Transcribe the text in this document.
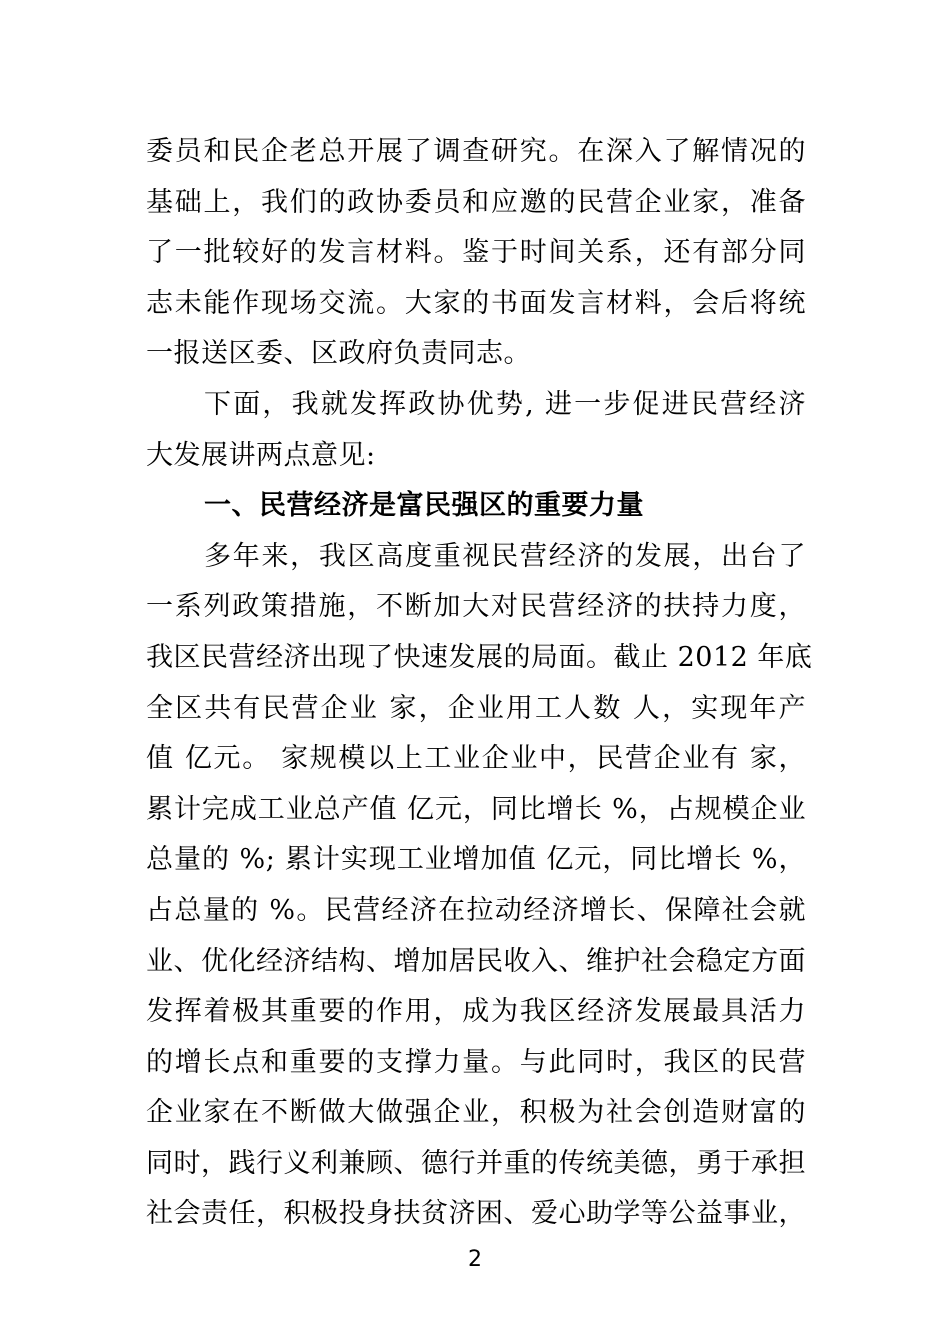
委员和民企老总开展了调查研究。在深入了解情况的
基础上，我们的政协委员和应邀的民营企业家，准备
了一批较好的发言材料。鉴于时间关系，还有部分同
志未能作现场交流。大家的书面发言材料，会后将统
一报送区委、区政府负责同志。
下面，我就发挥政协优势, 进一步促进民营经济
大发展讲两点意见:
一、民营经济是富民强区的重要力量
多年来，我区高度重视民营经济的发展，出台了
一系列政策措施，不断加大对民营经济的扶持力度，
我区民营经济出现了快速发展的局面。截止 2012 年底
全区共有民营企业 家，企业用工人数 人，实现年产
值 亿元。 家规模以上工业企业中，民营企业有 家，
累计完成工业总产值 亿元，同比增长 %，占规模企业
总量的 %; 累计实现工业增加值 亿元，同比增长 %，
占总量的 %。民营经济在拉动经济增长、保障社会就
业、优化经济结构、增加居民收入、维护社会稳定方面
发挥着极其重要的作用，成为我区经济发展最具活力
的增长点和重要的支撑力量。与此同时，我区的民营
企业家在不断做大做强企业，积极为社会创造财富的
同时，践行义利兼顾、德行并重的传统美德，勇于承担
社会责任，积极投身扶贫济困、爱心助学等公益事业，
2
